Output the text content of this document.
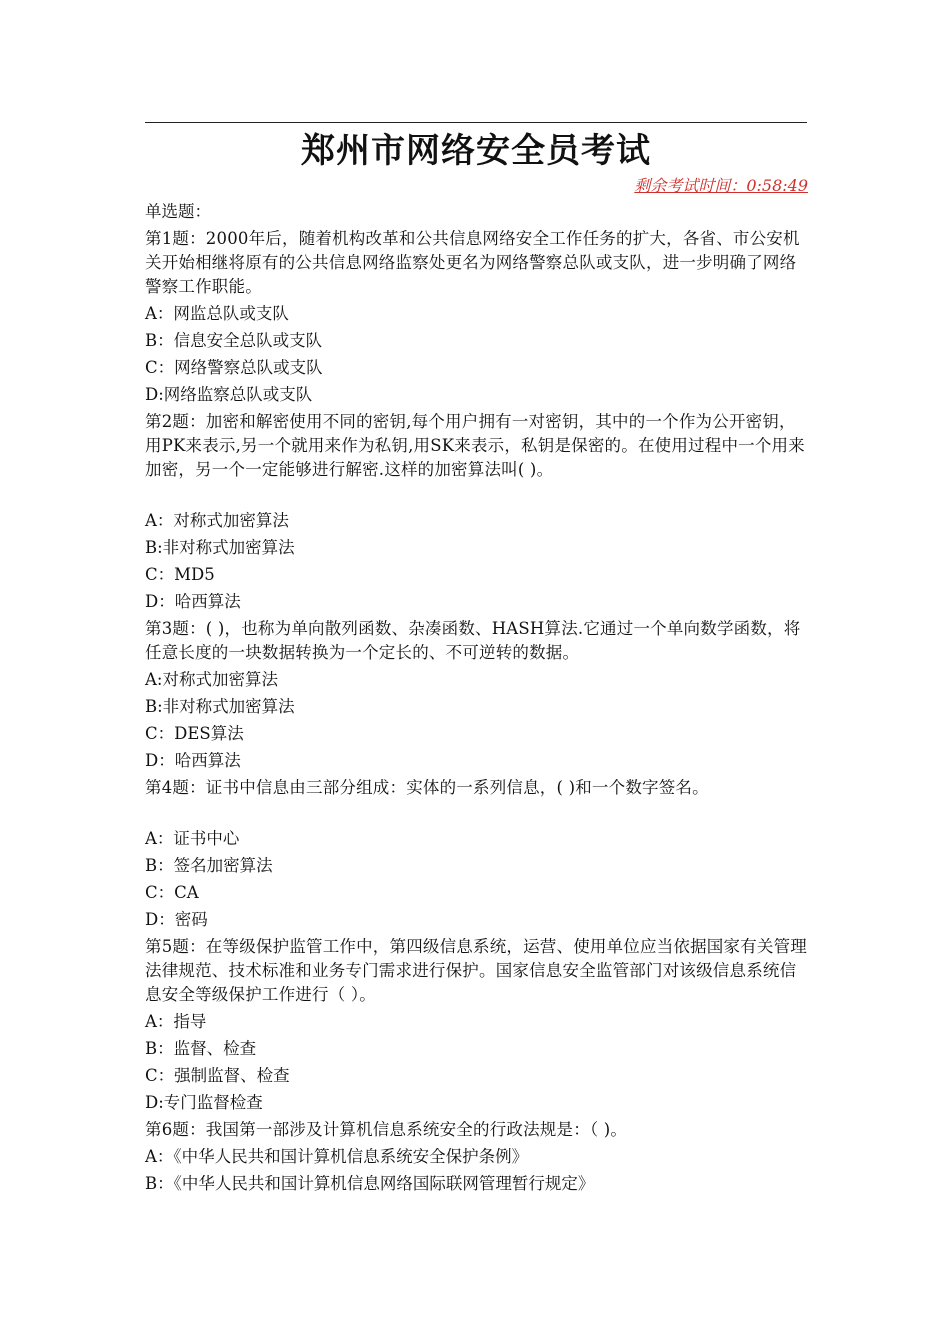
郑州市网络安全员考试
剩余考试时间：0:58:49
单选题：
第1题：2000年后，随着机构改革和公共信息网络安全工作任务的扩大，各省、市公安机关开始相继将原有的公共信息网络监察处更名为网络警察总队或支队，进一步明确了网络警察工作职能。
A：网监总队或支队
B：信息安全总队或支队
C：网络警察总队或支队
D:网络监察总队或支队
第2题：加密和解密使用不同的密钥,每个用户拥有一对密钥，其中的一个作为公开密钥，用PK来表示,另一个就用来作为私钥,用SK来表示，私钥是保密的。在使用过程中一个用来加密，另一个一定能够进行解密.这样的加密算法叫( )。
A：对称式加密算法
B:非对称式加密算法
C：MD5
D：哈西算法
第3题：( )，也称为单向散列函数、杂凑函数、HASH算法.它通过一个单向数学函数，将任意长度的一块数据转换为一个定长的、不可逆转的数据。
A:对称式加密算法
B:非对称式加密算法
C：DES算法
D：哈西算法
第4题：证书中信息由三部分组成：实体的一系列信息，( )和一个数字签名。
A：证书中心
B：签名加密算法
C：CA
D：密码
第5题：在等级保护监管工作中，第四级信息系统，运营、使用单位应当依据国家有关管理法律规范、技术标准和业务专门需求进行保护。国家信息安全监管部门对该级信息系统信息安全等级保护工作进行（ ）。
A：指导
B：监督、检查
C：强制监督、检查
D:专门监督检查
第6题：我国第一部涉及计算机信息系统安全的行政法规是：（ )。
A：《中华人民共和国计算机信息系统安全保护条例》
B：《中华人民共和国计算机信息网络国际联网管理暂行规定》
